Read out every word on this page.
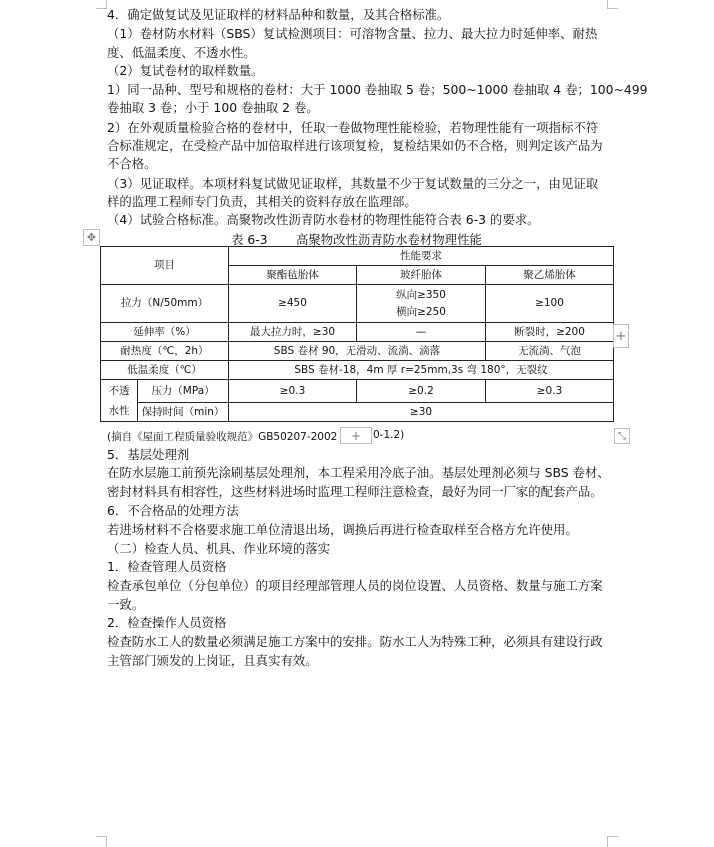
4．确定做复试及见证取样的材料品种和数量，及其合格标准。
（1）卷材防水材料（SBS）复试检测项目：可溶物含量、拉力、最大拉力时延伸率、耐热
度、低温柔度、不透水性。
（2）复试卷材的取样数量。
1）同一品种、型号和规格的卷材：大于 1000 卷抽取 5 卷；500~1000 卷抽取 4 卷；100~499
卷抽取 3 卷；小于 100 卷抽取 2 卷。
2）在外观质量检验合格的卷材中，任取一卷做物理性能检验，若物理性能有一项指标不符
合标准规定，在受检产品中加倍取样进行该项复检，复检结果如仍不合格，则判定该产品为
不合格。
（3）见证取样。本项材料复试做见证取样，其数量不少于复试数量的三分之一，由见证取
样的监理工程师专门负责，其相关的资料存放在监理部。
（4）试验合格标准。高聚物改性沥青防水卷材的物理性能符合表 6-3 的要求。
✥	表 6-3 高聚物改性沥青防水卷材物理性能
项目		性能要求		
		聚酯毡胎体	玻纤胎体	聚乙烯胎体
拉力（N/50mm）		≥450	纵向≥350
横向≥250	≥100
延伸率（%）		最大拉力时，≥30	—	断裂时，≥200
耐热度（℃，2h）		SBS 卷材 90，无滑动、流淌、滴落		无流淌、气泡
低温柔度（℃）		SBS 卷材-18，4m 厚 r=25mm,3s 弯 180°，无裂纹		
不透水性	压力（MPa）	≥0.3	≥0.2	≥0.3
	保持时间（min）	≥30		
+
(摘自《屋面工程质量验收规范》GB50207-2002	+	0-1.2)	⤡
5．基层处理剂
在防水层施工前预先涂刷基层处理剂，本工程采用冷底子油。基层处理剂必须与 SBS 卷材、
密封材料具有相容性，这些材料进场时监理工程师注意检查，最好为同一厂家的配套产品。
6．不合格品的处理方法
若进场材料不合格要求施工单位清退出场，调换后再进行检查取样至合格方允许使用。
（二）检查人员、机具、作业环境的落实
1．检查管理人员资格
检查承包单位（分包单位）的项目经理部管理人员的岗位设置、人员资格、数量与施工方案
一致。
2．检查操作人员资格
检查防水工人的数量必须满足施工方案中的安排。防水工人为特殊工种，必须具有建设行政
主管部门颁发的上岗证，且真实有效。
